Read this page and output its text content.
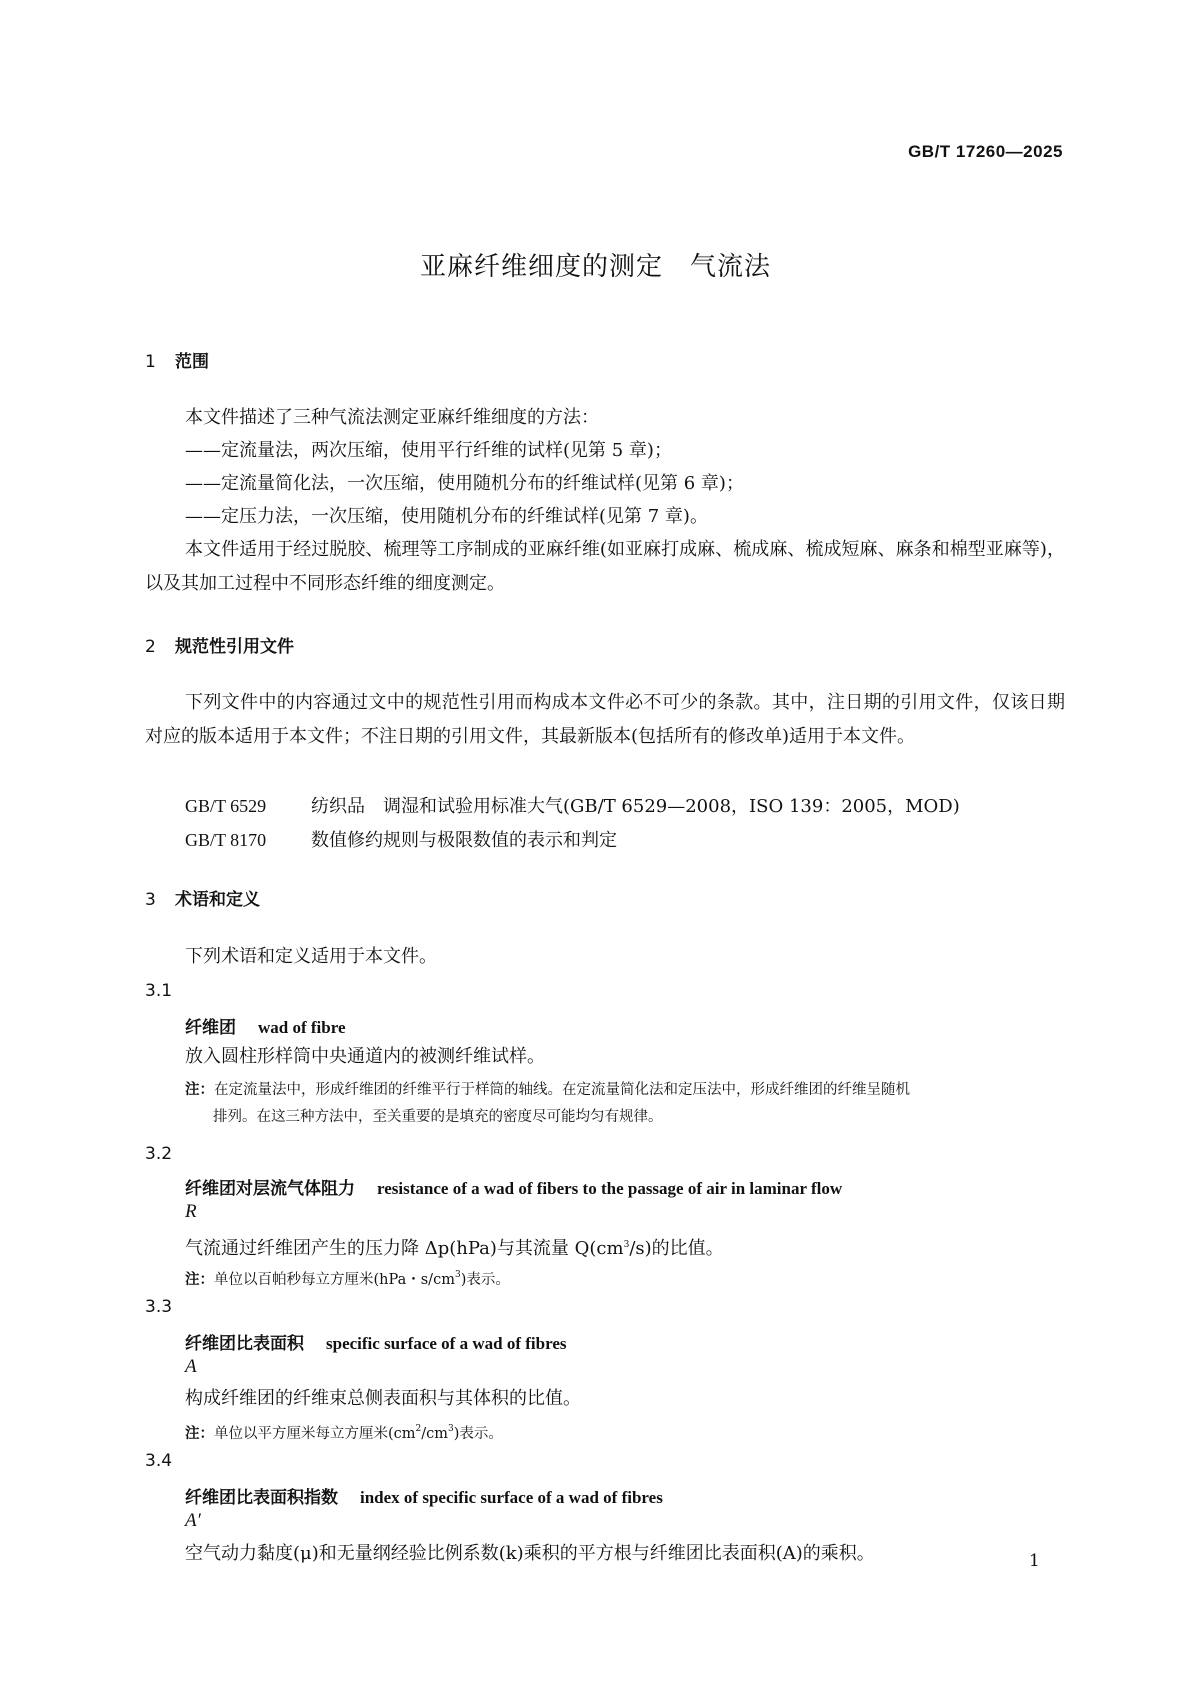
GB/T 17260—2025
亚麻纤维细度的测定　气流法
1 范围
本文件描述了三种气流法测定亚麻纤维细度的方法：
——定流量法，两次压缩，使用平行纤维的试样(见第 5 章)；
——定流量简化法，一次压缩，使用随机分布的纤维试样(见第 6 章)；
——定压力法，一次压缩，使用随机分布的纤维试样(见第 7 章)。
本文件适用于经过脱胶、梳理等工序制成的亚麻纤维(如亚麻打成麻、梳成麻、梳成短麻、麻条和棉型亚麻等)，以及其加工过程中不同形态纤维的细度测定。
2 规范性引用文件
下列文件中的内容通过文中的规范性引用而构成本文件必不可少的条款。其中，注日期的引用文件，仅该日期对应的版本适用于本文件；不注日期的引用文件，其最新版本(包括所有的修改单)适用于本文件。
GB/T 6529 纺织品　调湿和试验用标准大气(GB/T 6529—2008，ISO 139：2005，MOD)
GB/T 8170 数值修约规则与极限数值的表示和判定
3 术语和定义
下列术语和定义适用于本文件。
3.1
纤维团 wad of fibre
放入圆柱形样筒中央通道内的被测纤维试样。
注：在定流量法中，形成纤维团的纤维平行于样筒的轴线。在定流量简化法和定压法中，形成纤维团的纤维呈随机
排列。在这三种方法中，至关重要的是填充的密度尽可能均匀有规律。
3.2
纤维团对层流气体阻力 resistance of a wad of fibers to the passage of air in laminar flow
R
气流通过纤维团产生的压力降 Δp(hPa)与其流量 $Q(cm^3/s)$的比值。
注：单位以百帕秒每立方厘米(hPa・$s/cm^3$)表示。
3.3
纤维团比表面积 specific surface of a wad of fibres
A
构成纤维团的纤维束总侧表面积与其体积的比值。
注：单位以平方厘米每立方厘米$(cm^2/cm^3)$表示。
3.4
纤维团比表面积指数 index of specific surface of a wad of fibres
A′
空气动力黏度(μ)和无量纲经验比例系数(k)乘积的平方根与纤维团比表面积(A)的乘积。	1
